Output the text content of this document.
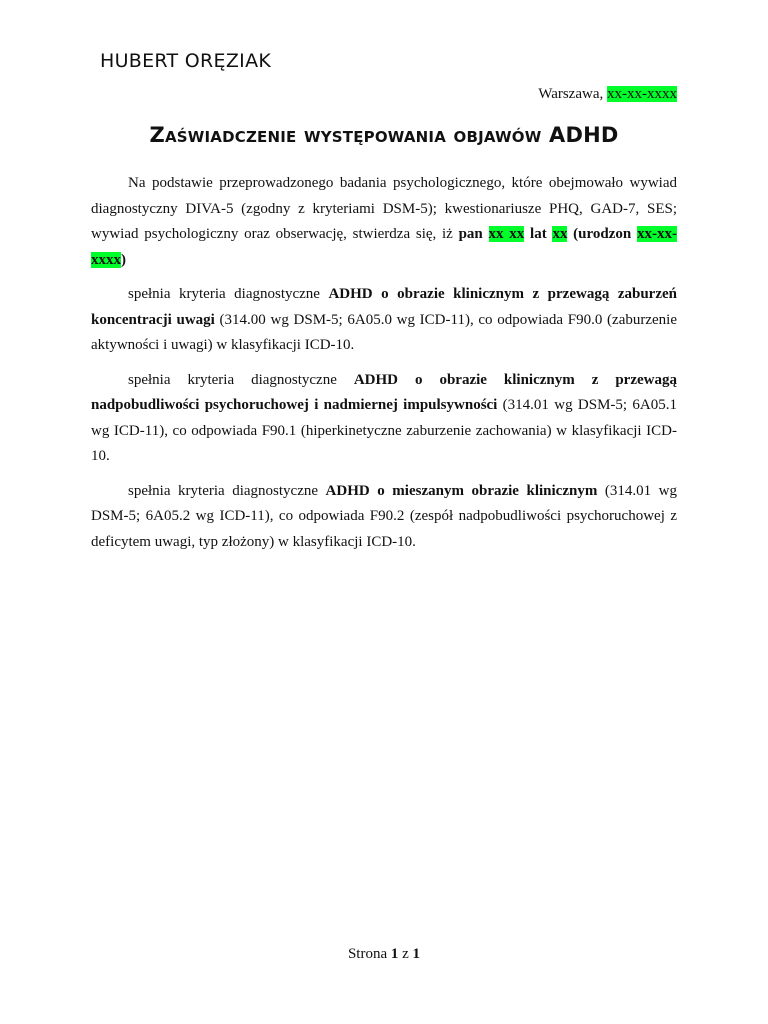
HUBERT ORĘZIAK
Warszawa, xx-xx-xxxx
Zaświadczenie występowania objawów ADHD

Na podstawie przeprowadzonego badania psychologicznego, które obejmowało wywiad diagnostyczny DIVA-5 (zgodny z kryteriami DSM-5); kwestionariusze PHQ, GAD-7, SES; wywiad psychologiczny oraz obserwację, stwierdza się, iż pan xx xx lat xx (urodzon xx-xx-xxxx)

spełnia kryteria diagnostyczne ADHD o obrazie klinicznym z przewagą zaburzeń koncentracji uwagi (314.00 wg DSM-5; 6A05.0 wg ICD-11), co odpowiada F90.0 (zaburzenie aktywności i uwagi) w klasyfikacji ICD-10.

spełnia kryteria diagnostyczne ADHD o obrazie klinicznym z przewagą nadpobudliwości psychoruchowej i nadmiernej impulsywności (314.01 wg DSM-5; 6A05.1 wg ICD-11), co odpowiada F90.1 (hiperkinetyczne zaburzenie zachowania) w klasyfikacji ICD-10.

spełnia kryteria diagnostyczne ADHD o mieszanym obrazie klinicznym (314.01 wg DSM-5; 6A05.2 wg ICD-11), co odpowiada F90.2 (zespół nadpobudliwości psychoruchowej z deficytem uwagi, typ złożony) w klasyfikacji ICD-10.

Strona 1 z 1
